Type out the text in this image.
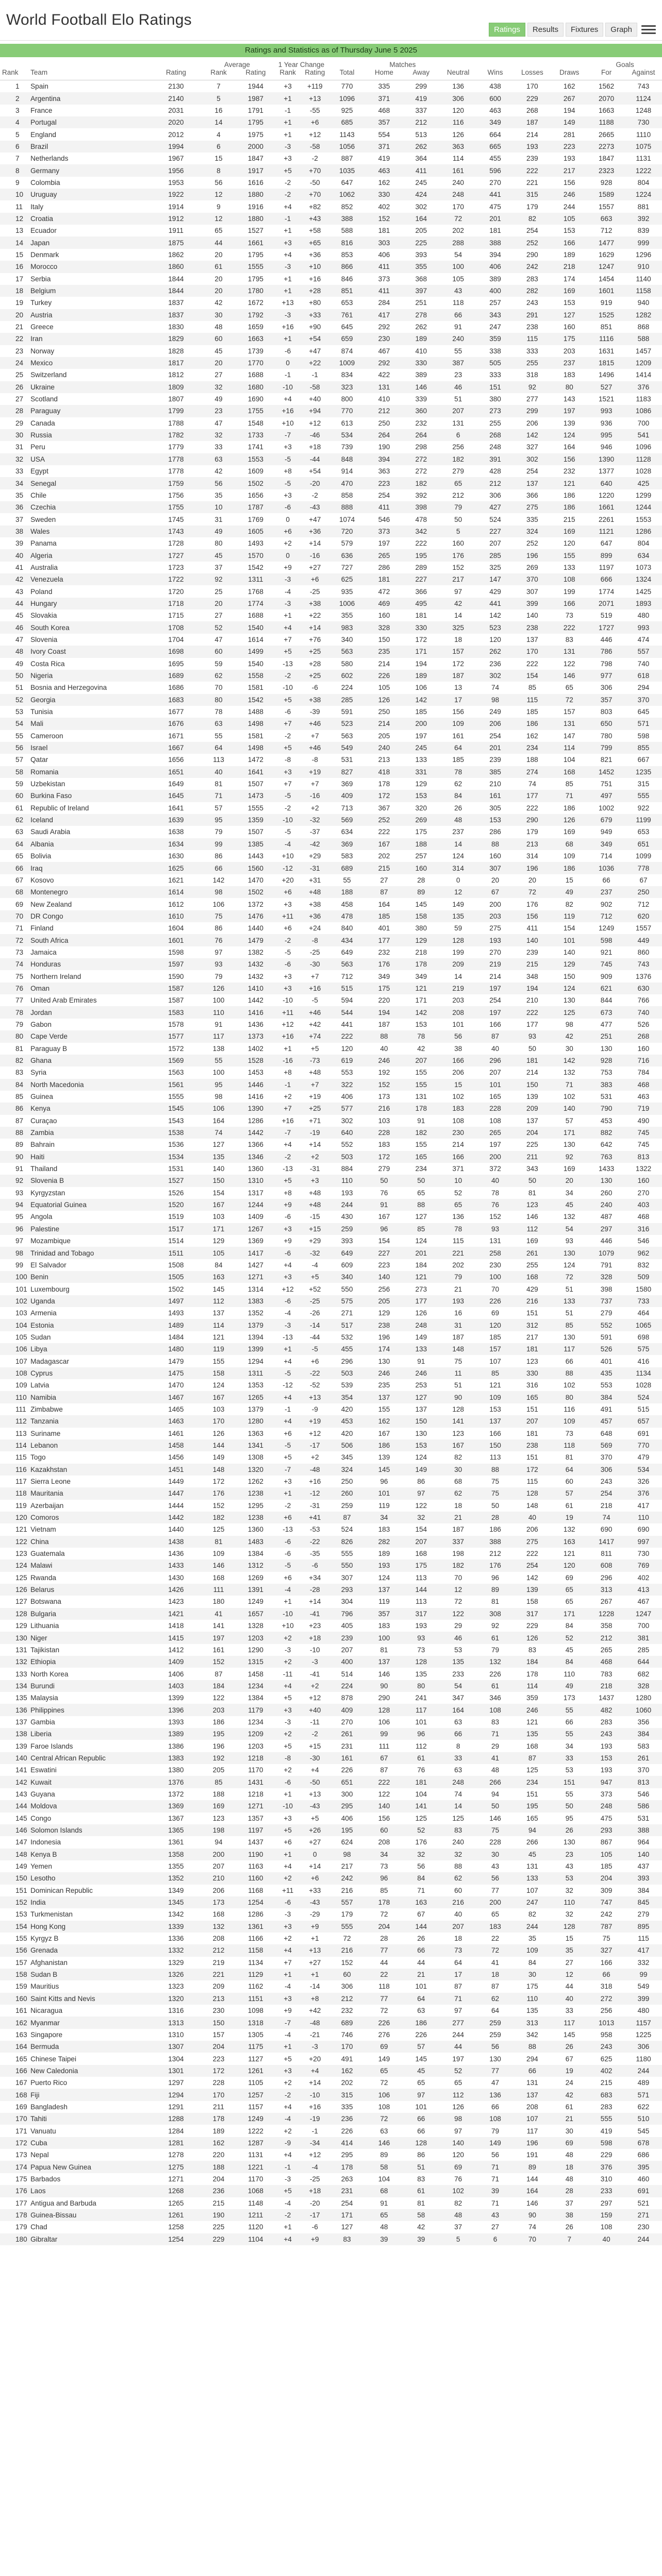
World Football Elo Ratings
Ratings	Results	Fixtures	Graph
Ratings and Statistics as of Thursday June 5 2025
			Average		1 Year Change		Matches							Goals	
Rank	Team	Rating	Rank	Rating	Rank	Rating	Total	Home	Away	Neutral	Wins	Losses	Draws	For	Against
1	Spain	2130	7	1944	+3	+119	770	335	299	136	438	170	162	1562	743
2	Argentina	2140	5	1987	+1	+13	1096	371	419	306	600	229	267	2070	1124
3	France	2031	16	1791	-1	-55	925	468	337	120	463	268	194	1663	1248
4	Portugal	2020	14	1795	+1	+6	685	357	212	116	349	187	149	1188	730
5	England	2012	4	1975	+1	+12	1143	554	513	126	664	214	281	2665	1110
6	Brazil	1994	6	2000	-3	-58	1056	371	262	363	665	193	223	2273	1075
7	Netherlands	1967	15	1847	+3	-2	887	419	364	114	455	239	193	1847	1131
8	Germany	1956	8	1917	+5	+70	1035	463	411	161	596	222	217	2323	1222
9	Colombia	1953	56	1616	-2	-50	647	162	245	240	270	221	156	928	804
10	Uruguay	1922	12	1880	-2	+70	1062	330	424	248	441	315	246	1589	1224
11	Italy	1914	9	1916	+4	+82	852	402	302	170	475	179	244	1557	881
12	Croatia	1912	12	1880	-1	+43	388	152	164	72	201	82	105	663	392
13	Ecuador	1911	65	1527	+1	+58	588	181	205	202	181	254	153	712	839
14	Japan	1875	44	1661	+3	+65	816	303	225	288	388	252	166	1477	999
15	Denmark	1862	20	1795	+4	+36	853	406	393	54	394	290	189	1629	1296
16	Morocco	1860	61	1555	-3	+10	866	411	355	100	406	242	218	1247	910
17	Serbia	1844	20	1795	+1	+16	846	373	368	105	389	283	174	1454	1140
18	Belgium	1844	20	1780	+1	+28	851	411	397	43	400	282	169	1601	1158
19	Turkey	1837	42	1672	+13	+80	653	284	251	118	257	243	153	919	940
20	Austria	1837	30	1792	-3	+33	761	417	278	66	343	291	127	1525	1282
21	Greece	1830	48	1659	+16	+90	645	292	262	91	247	238	160	851	868
22	Iran	1829	60	1663	+1	+54	659	230	189	240	359	115	175	1116	588
23	Norway	1828	45	1739	-6	+47	874	467	410	55	338	333	203	1631	1457
24	Mexico	1817	20	1770	0	+22	1009	292	330	387	505	255	237	1815	1209
25	Switzerland	1812	27	1688	-1	-1	834	422	389	23	333	318	183	1496	1414
26	Ukraine	1809	32	1680	-10	-58	323	131	146	46	151	92	80	527	376
27	Scotland	1807	49	1690	+4	+40	800	410	339	51	380	277	143	1521	1183
28	Paraguay	1799	23	1755	+16	+94	770	212	360	207	273	299	197	993	1086
29	Canada	1788	47	1548	+10	+12	613	250	232	131	255	206	139	936	700
30	Russia	1782	32	1733	-7	-46	534	264	264	6	268	142	124	995	541
31	Peru	1779	33	1741	+3	+18	739	190	298	256	248	327	164	946	1096
32	USA	1778	63	1553	-5	-44	848	394	272	182	391	302	156	1390	1128
33	Egypt	1778	42	1609	+8	+54	914	363	272	279	428	254	232	1377	1028
34	Senegal	1759	56	1502	-5	-20	470	223	182	65	212	137	121	640	425
35	Chile	1756	35	1656	+3	-2	858	254	392	212	306	366	186	1220	1299
36	Czechia	1755	10	1787	-6	-43	888	411	398	79	427	275	186	1661	1244
37	Sweden	1745	31	1769	0	+47	1074	546	478	50	524	335	215	2261	1553
38	Wales	1743	49	1605	+6	+36	720	373	342	5	227	324	169	1121	1286
39	Panama	1728	80	1493	+2	+14	579	197	222	160	207	252	120	647	804
40	Algeria	1727	45	1570	0	-16	636	265	195	176	285	196	155	899	634
41	Australia	1723	37	1542	+9	+27	727	286	289	152	325	269	133	1197	1073
42	Venezuela	1722	92	1311	-3	+6	625	181	227	217	147	370	108	666	1324
43	Poland	1720	25	1768	-4	-25	935	472	366	97	429	307	199	1774	1425
44	Hungary	1718	20	1774	-3	+38	1006	469	495	42	441	399	166	2071	1893
45	Slovakia	1715	27	1688	+1	+22	355	160	181	14	142	140	73	519	480
46	South Korea	1708	52	1540	+4	+14	983	328	330	325	523	238	222	1727	993
47	Slovenia	1704	47	1614	+7	+76	340	150	172	18	120	137	83	446	474
48	Ivory Coast	1698	60	1499	+5	+25	563	235	171	157	262	170	131	786	557
49	Costa Rica	1695	59	1540	-13	+28	580	214	194	172	236	222	122	798	740
50	Nigeria	1689	62	1558	-2	+25	602	226	189	187	302	154	146	977	618
51	Bosnia and Herzegovina	1686	70	1581	-10	-6	224	105	106	13	74	85	65	306	294
52	Georgia	1683	80	1542	+5	+38	285	126	142	17	98	115	72	357	370
53	Tunisia	1677	78	1488	-6	-39	591	250	185	156	249	185	157	803	645
54	Mali	1676	63	1498	+7	+46	523	214	200	109	206	186	131	650	571
55	Cameroon	1671	55	1581	-2	+7	563	205	197	161	254	162	147	780	598
56	Israel	1667	64	1498	+5	+46	549	240	245	64	201	234	114	799	855
57	Qatar	1656	113	1472	-8	-8	531	213	133	185	239	188	104	821	667
58	Romania	1651	40	1641	+3	+19	827	418	331	78	385	274	168	1452	1235
59	Uzbekistan	1649	81	1507	+7	+7	369	178	129	62	210	74	85	751	315
60	Burkina Faso	1645	71	1473	-5	-16	409	172	153	84	161	177	71	497	555
61	Republic of Ireland	1641	57	1555	-2	+2	713	367	320	26	305	222	186	1002	922
62	Iceland	1639	95	1359	-10	-32	569	252	269	48	153	290	126	679	1199
63	Saudi Arabia	1638	79	1507	-5	-37	634	222	175	237	286	179	169	949	653
64	Albania	1634	99	1385	-4	-42	369	167	188	14	88	213	68	349	651
65	Bolivia	1630	86	1443	+10	+29	583	202	257	124	160	314	109	714	1099
66	Iraq	1625	66	1560	-12	-31	689	215	160	314	307	196	186	1036	778
67	Kosovo	1621	142	1470	+20	+31	55	27	28	0	20	20	15	66	67
68	Montenegro	1614	98	1502	+6	+48	188	87	89	12	67	72	49	237	250
69	New Zealand	1612	106	1372	+3	+38	458	164	145	149	200	176	82	902	712
70	DR Congo	1610	75	1476	+11	+36	478	185	158	135	203	156	119	712	620
71	Finland	1604	86	1440	+6	+24	840	401	380	59	275	411	154	1249	1557
72	South Africa	1601	76	1479	-2	-8	434	177	129	128	193	140	101	598	449
73	Jamaica	1598	97	1382	-5	-25	649	232	218	199	270	239	140	921	860
74	Honduras	1597	93	1432	-6	-30	563	176	178	209	219	215	129	745	743
75	Northern Ireland	1590	79	1432	+3	+7	712	349	349	14	214	348	150	909	1376
76	Oman	1587	126	1410	+3	+16	515	175	121	219	197	194	124	621	630
77	United Arab Emirates	1587	100	1442	-10	-5	594	220	171	203	254	210	130	844	766
78	Jordan	1583	110	1416	+11	+46	544	194	142	208	197	222	125	673	740
79	Gabon	1578	91	1436	+12	+42	441	187	153	101	166	177	98	477	526
80	Cape Verde	1577	117	1373	+16	+74	222	88	78	56	87	93	42	251	268
81	Paraguay B	1572	138	1402	+1	+5	120	40	42	38	40	50	30	130	160
82	Ghana	1569	55	1528	-16	-73	619	246	207	166	296	181	142	928	716
83	Syria	1563	100	1453	+8	+48	553	192	155	206	207	214	132	753	784
84	North Macedonia	1561	95	1446	-1	+7	322	152	155	15	101	150	71	383	468
85	Guinea	1555	98	1416	+2	+19	406	173	131	102	165	139	102	531	463
86	Kenya	1545	106	1390	+7	+25	577	216	178	183	228	209	140	790	719
87	Curaçao	1543	164	1286	+16	+71	302	103	91	108	108	137	57	453	490
88	Zambia	1538	74	1442	-7	-19	640	228	182	230	265	204	171	882	745
89	Bahrain	1536	127	1366	+4	+14	552	183	155	214	197	225	130	642	745
90	Haiti	1534	135	1346	-2	+2	503	172	165	166	200	211	92	763	813
91	Thailand	1531	140	1360	-13	-31	884	279	234	371	372	343	169	1433	1322
92	Slovenia B	1527	150	1310	+5	+3	110	50	50	10	40	50	20	130	160
93	Kyrgyzstan	1526	154	1317	+8	+48	193	76	65	52	78	81	34	260	270
94	Equatorial Guinea	1520	167	1244	+9	+48	244	91	88	65	76	123	45	240	403
95	Angola	1519	103	1409	-6	-15	430	167	127	136	152	146	132	487	468
96	Palestine	1517	171	1267	+3	+15	259	96	85	78	93	112	54	297	316
97	Mozambique	1514	129	1369	+9	+29	393	154	124	115	131	169	93	446	546
98	Trinidad and Tobago	1511	105	1417	-6	-32	649	227	201	221	258	261	130	1079	962
99	El Salvador	1508	84	1427	+4	-4	609	223	184	202	230	255	124	791	832
100	Benin	1505	163	1271	+3	+5	340	140	121	79	100	168	72	328	509
101	Luxembourg	1502	145	1314	+12	+52	550	256	273	21	70	429	51	398	1580
102	Uganda	1497	112	1383	-6	-25	575	205	177	193	226	216	133	737	733
103	Armenia	1493	137	1352	-4	-26	271	129	126	16	69	151	51	279	464
104	Estonia	1489	114	1379	-3	-14	517	238	248	31	120	312	85	552	1065
105	Sudan	1484	121	1394	-13	-44	532	196	149	187	185	217	130	591	698
106	Libya	1480	119	1399	+1	-5	455	174	133	148	157	181	117	526	575
107	Madagascar	1479	155	1294	+4	+6	296	130	91	75	107	123	66	401	416
108	Cyprus	1475	158	1311	-5	-22	503	246	246	11	85	330	88	435	1134
109	Latvia	1470	124	1353	-12	-52	539	235	253	51	121	316	102	553	1028
110	Namibia	1467	167	1265	+4	+13	354	137	127	90	109	165	80	384	524
111	Zimbabwe	1465	103	1379	-1	-9	420	155	137	128	153	151	116	491	515
112	Tanzania	1463	170	1280	+4	+19	453	162	150	141	137	207	109	457	657
113	Suriname	1461	126	1363	+6	+12	420	167	130	123	166	181	73	648	691
114	Lebanon	1458	144	1341	-5	-17	506	186	153	167	150	238	118	569	770
115	Togo	1456	149	1308	+5	+2	345	139	124	82	113	151	81	370	479
116	Kazakhstan	1451	148	1320	-7	-48	324	145	149	30	88	172	64	306	534
117	Sierra Leone	1449	172	1262	+3	+16	250	96	86	68	75	115	60	243	326
118	Mauritania	1447	176	1238	+1	-12	260	101	97	62	75	128	57	254	376
119	Azerbaijan	1444	152	1295	-2	-31	259	119	122	18	50	148	61	218	417
120	Comoros	1442	182	1238	+6	+41	87	34	32	21	28	40	19	74	110
121	Vietnam	1440	125	1360	-13	-53	524	183	154	187	186	206	132	690	690
122	China	1438	81	1483	-6	-22	826	282	207	337	388	275	163	1417	997
123	Guatemala	1436	109	1384	-6	-35	555	189	168	198	212	222	121	811	730
124	Malawi	1433	146	1312	-5	-6	550	193	175	182	176	254	120	608	769
125	Rwanda	1430	168	1269	+6	+34	307	124	113	70	96	142	69	296	402
126	Belarus	1426	111	1391	-4	-28	293	137	144	12	89	139	65	313	413
127	Botswana	1423	180	1249	+1	+14	304	119	113	72	81	158	65	267	467
128	Bulgaria	1421	41	1657	-10	-41	796	357	317	122	308	317	171	1228	1247
129	Lithuania	1418	141	1328	+10	+23	405	183	193	29	92	229	84	358	700
130	Niger	1415	197	1203	+2	+18	239	100	93	46	61	126	52	212	381
131	Tajikistan	1412	161	1290	-3	-10	207	81	73	53	79	83	45	265	285
132	Ethiopia	1409	152	1315	+2	-3	400	137	128	135	132	184	84	468	644
133	North Korea	1406	87	1458	-11	-41	514	146	135	233	226	178	110	783	682
134	Burundi	1403	184	1234	+4	+2	224	90	80	54	61	114	49	218	328
135	Malaysia	1399	122	1384	+5	+12	878	290	241	347	346	359	173	1437	1280
136	Philippines	1396	203	1179	+3	+40	409	128	117	164	108	246	55	482	1060
137	Gambia	1393	186	1234	-3	-11	270	106	101	63	83	121	66	283	356
138	Liberia	1389	195	1209	+2	-2	261	99	96	66	71	135	55	243	384
139	Faroe Islands	1386	196	1203	+5	+15	231	111	112	8	29	168	34	193	583
140	Central African Republic	1383	192	1218	-8	-30	161	67	61	33	41	87	33	153	261
141	Eswatini	1380	205	1170	+2	+4	226	87	76	63	48	125	53	193	370
142	Kuwait	1376	85	1431	-6	-50	651	222	181	248	266	234	151	947	813
143	Guyana	1372	188	1218	+1	+13	300	122	104	74	94	151	55	373	546
144	Moldova	1369	169	1271	-10	-43	295	140	141	14	50	195	50	248	586
145	Congo	1367	123	1357	+3	+5	406	156	125	125	146	165	95	475	531
146	Solomon Islands	1365	198	1197	+5	+26	195	60	52	83	75	94	26	293	388
147	Indonesia	1361	94	1437	+6	+27	624	208	176	240	228	266	130	867	964
148	Kenya B	1358	200	1190	+1	0	98	34	32	32	30	45	23	105	140
149	Yemen	1355	207	1163	+4	+14	217	73	56	88	43	131	43	185	437
150	Lesotho	1352	210	1160	+2	+6	242	96	84	62	56	133	53	204	393
151	Dominican Republic	1349	206	1168	+11	+33	216	85	71	60	77	107	32	309	384
152	India	1345	173	1254	-6	-43	557	178	163	216	200	247	110	747	845
153	Turkmenistan	1342	168	1286	-3	-29	179	72	67	40	65	82	32	242	279
154	Hong Kong	1339	132	1361	+3	+9	555	204	144	207	183	244	128	787	895
155	Kyrgyz B	1336	208	1166	+2	+1	72	28	26	18	22	35	15	75	115
156	Grenada	1332	212	1158	+4	+13	216	77	66	73	72	109	35	327	417
157	Afghanistan	1329	219	1134	+7	+27	152	44	44	64	41	84	27	166	332
158	Sudan B	1326	221	1129	+1	+1	60	22	21	17	18	30	12	66	99
159	Mauritius	1323	209	1162	-4	-14	306	118	101	87	87	175	44	318	549
160	Saint Kitts and Nevis	1320	213	1151	+3	+8	212	77	64	71	62	110	40	272	399
161	Nicaragua	1316	230	1098	+9	+42	232	72	63	97	64	135	33	256	480
162	Myanmar	1313	150	1318	-7	-48	689	226	186	277	259	313	117	1013	1157
163	Singapore	1310	157	1305	-4	-21	746	276	226	244	259	342	145	958	1225
164	Bermuda	1307	204	1175	+1	-3	170	69	57	44	56	88	26	243	306
165	Chinese Taipei	1304	223	1127	+5	+20	491	149	145	197	130	294	67	625	1180
166	New Caledonia	1301	172	1261	+3	+4	162	65	45	52	77	66	19	402	244
167	Puerto Rico	1297	228	1105	+2	+14	202	72	65	65	47	131	24	215	489
168	Fiji	1294	170	1257	-2	-10	315	106	97	112	136	137	42	683	571
169	Bangladesh	1291	211	1157	+4	+16	335	108	101	126	66	208	61	283	622
170	Tahiti	1288	178	1249	-4	-19	236	72	66	98	108	107	21	555	510
171	Vanuatu	1284	189	1222	+2	-1	226	63	66	97	79	117	30	419	545
172	Cuba	1281	162	1287	-9	-34	414	146	128	140	149	196	69	598	678
173	Nepal	1278	220	1131	+4	+12	295	89	86	120	56	191	48	229	686
174	Papua New Guinea	1275	188	1221	-1	-4	178	58	51	69	71	89	18	376	395
175	Barbados	1271	204	1170	-3	-25	263	104	83	76	71	144	48	310	460
176	Laos	1268	236	1068	+5	+18	231	68	61	102	39	164	28	233	691
177	Antigua and Barbuda	1265	215	1148	-4	-20	254	91	81	82	71	146	37	297	521
178	Guinea-Bissau	1261	190	1211	-2	-17	171	65	58	48	43	90	38	159	271
179	Chad	1258	225	1120	+1	-6	127	48	42	37	27	74	26	108	230
180	Gibraltar	1254	229	1104	+4	+9	83	39	39	5	6	70	7	40	244
